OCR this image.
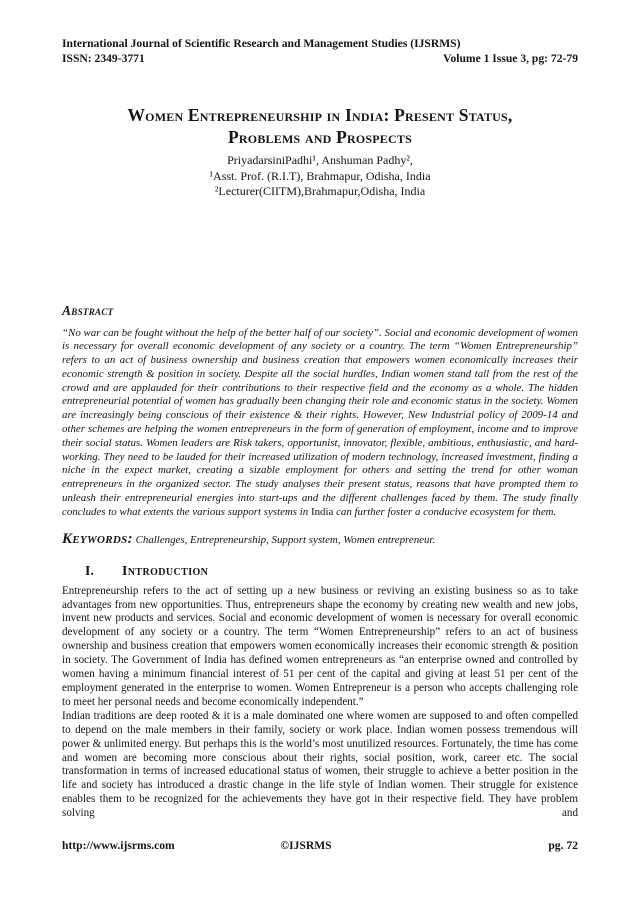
International Journal of Scientific Research and Management Studies (IJSRMS)
ISSN: 2349-3771	Volume 1 Issue 3, pg: 72-79
Women Entrepreneurship in India: Present Status,
Problems and Prospects
PriyadarsiniPadhi¹, Anshuman Padhy²,
¹Asst. Prof. (R.I.T), Brahmapur, Odisha, India
²Lecturer(CIITM),Brahmapur,Odisha, India
Abstract

“No war can be fought without the help of the better half of our society”. Social and economic development of women is necessary for overall economic development of any society or a country. The term “Women Entrepreneurship” refers to an act of business ownership and business creation that empowers women economically increases their economic strength & position in society. Despite all the social hurdles, Indian women stand tall from the rest of the crowd and are applauded for their contributions to their respective field and the economy as a whole. The hidden entrepreneurial potential of women has gradually been changing their role and economic status in the society. Women are increasingly being conscious of their existence & their rights. However, New Industrial policy of 2009-14 and other schemes are helping the women entrepreneurs in the form of generation of employment, income and to improve their social status. Women leaders are Risk takers, opportunist, innovator, flexible, ambitious, enthusiastic, and hard-working. They need to be lauded for their increased utilization of modern technology, increased investment, finding a niche in the expect market, creating a sizable employment for others and setting the trend for other woman entrepreneurs in the organized sector. The study analyses their present status, reasons that have prompted them to unleash their entrepreneurial energies into start-ups and the different challenges faced by them. The study finally concludes to what extents the various support systems in India can further foster a conducive ecosystem for them.

Keywords: Challenges, Entrepreneurship, Support system, Women entrepreneur.

I. Introduction

Entrepreneurship refers to the act of setting up a new business or reviving an existing business so as to take advantages from new opportunities. Thus, entrepreneurs shape the economy by creating new wealth and new jobs, invent new products and services. Social and economic development of women is necessary for overall economic development of any society or a country. The term “Women Entrepreneurship” refers to an act of business ownership and business creation that empowers women economically increases their economic strength & position in society. The Government of India has defined women entrepreneurs as “an enterprise owned and controlled by women having a minimum financial interest of 51 per cent of the capital and giving at least 51 per cent of the employment generated in the enterprise to women. Women Entrepreneur is a person who accepts challenging role to meet her personal needs and become economically independent.”

Indian traditions are deep rooted & it is a male dominated one where women are supposed to and often compelled to depend on the male members in their family, society or work place. Indian women possess tremendous will power & unlimited energy. But perhaps this is the world’s most unutilized resources. Fortunately, the time has come and women are becoming more conscious about their rights, social position, work, career etc. The social transformation in terms of increased educational status of women, their struggle to achieve a better position in the life and society has introduced a drastic change in the life style of Indian women. Their struggle for existence enables them to be recognized for the achievements they have got in their respective field. They have problem solving and

http://www.ijsrms.com	©IJSRMS	pg. 72
